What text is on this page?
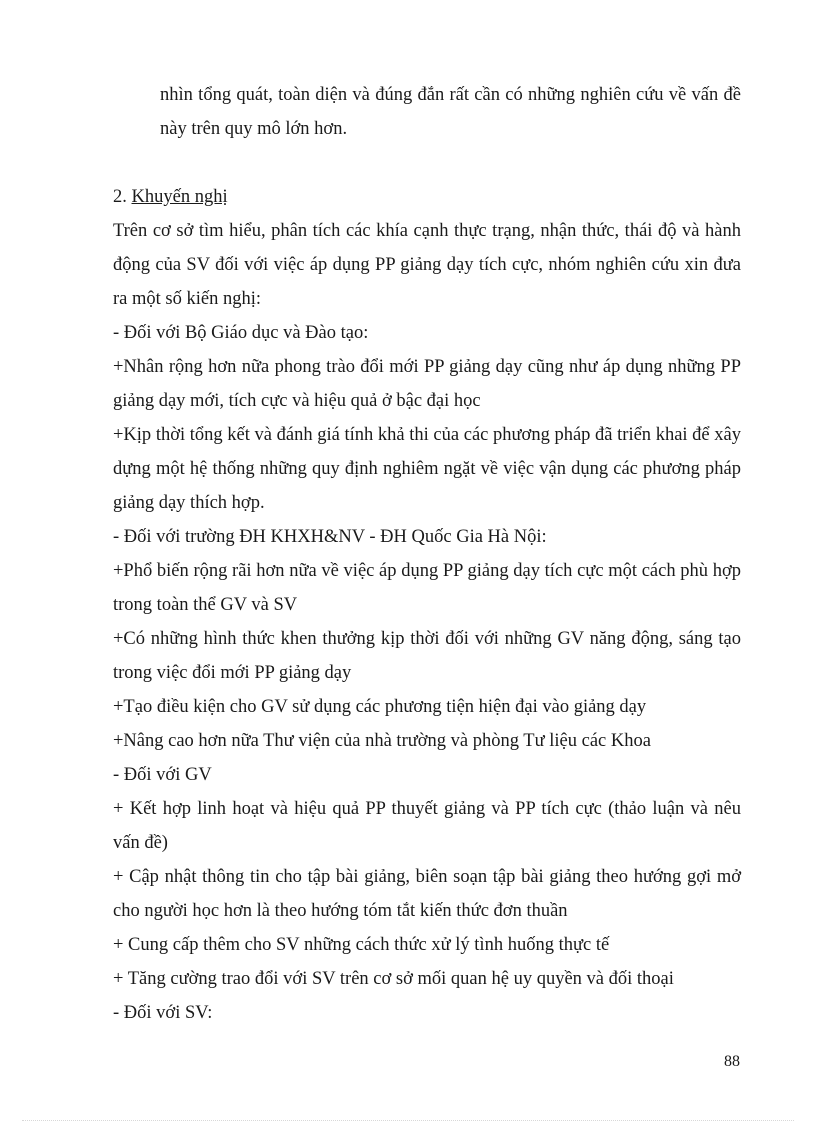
nhìn tổng quát, toàn diện và đúng đắn rất cần có những nghiên cứu về vấn đề này trên quy mô lớn hơn.

2. Khuyến nghị

Trên cơ sở tìm hiểu, phân tích các khía cạnh thực trạng, nhận thức, thái độ và hành động của SV đối với việc áp dụng PP giảng dạy tích cực, nhóm nghiên cứu xin đưa ra một số kiến nghị:

- Đối với Bộ Giáo dục và Đào tạo:

+Nhân rộng hơn nữa phong trào đổi mới PP giảng dạy cũng như áp dụng những PP giảng dạy mới, tích cực và hiệu quả ở bậc đại học

+Kịp thời tổng kết và đánh giá tính khả thi của các phương pháp đã triển khai để xây dựng một hệ thống những quy định nghiêm ngặt về việc vận dụng các phương pháp giảng dạy thích hợp.

- Đối với trường ĐH KHXH&NV - ĐH Quốc Gia Hà Nội:

+Phổ biến rộng rãi hơn nữa về việc áp dụng PP giảng dạy tích cực một cách phù hợp trong toàn thể GV và SV

+Có những hình thức khen thưởng kịp thời đối với những GV năng động, sáng tạo trong việc đổi mới PP giảng dạy

+Tạo điều kiện cho GV sử dụng các phương tiện hiện đại vào giảng dạy

+Nâng cao hơn nữa Thư viện của nhà trường và phòng Tư liệu các Khoa

- Đối với GV

+ Kết hợp linh hoạt và hiệu quả PP thuyết giảng và PP tích cực (thảo luận và nêu vấn đề)

+ Cập nhật thông tin cho tập bài giảng, biên soạn tập bài giảng theo hướng gợi mở cho người học hơn là theo hướng tóm tắt kiến thức đơn thuần

+ Cung cấp thêm cho SV những cách thức xử lý tình huống thực tế

+ Tăng cường trao đổi với SV trên cơ sở mối quan hệ uy quyền và đối thoại

- Đối với SV:

88
